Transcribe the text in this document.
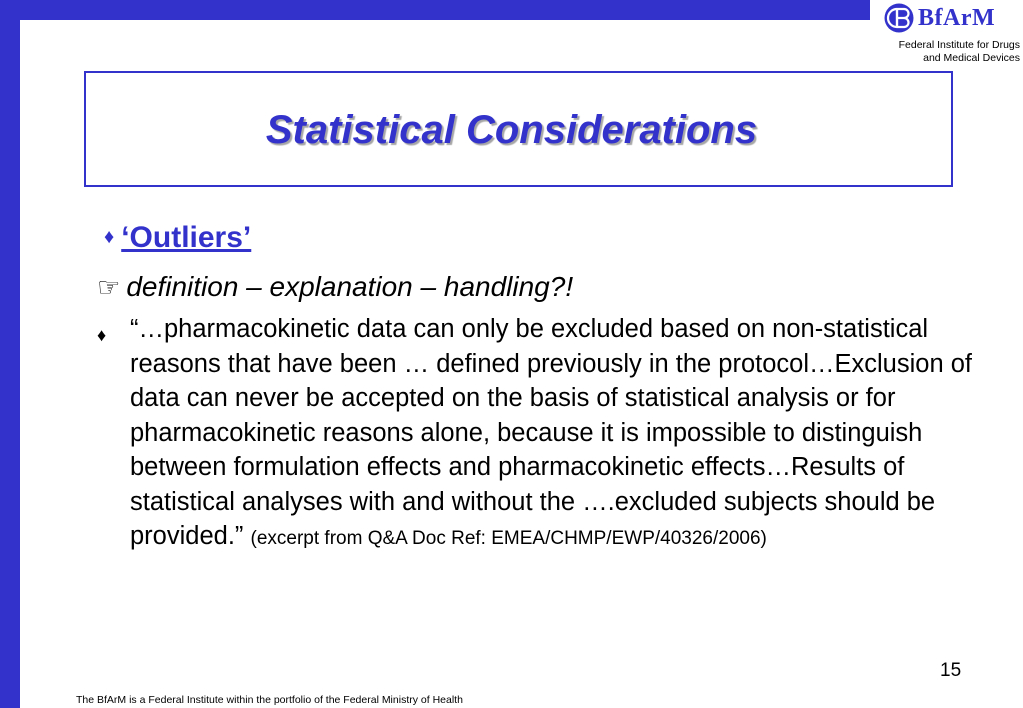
BfArM
Federal Institute for Drugs
and Medical Devices
Statistical Considerations
♦ ‘Outliers’
☞ definition – explanation – handling?!
♦ “…pharmacokinetic data can only be excluded based on non-statistical reasons that have been … defined previously in the protocol…Exclusion of data can never be accepted on the basis of statistical analysis or for pharmacokinetic reasons alone, because it is impossible to distinguish between formulation effects and pharmacokinetic effects…Results of statistical analyses with and without the ….excluded subjects should be provided.” (excerpt from Q&A Doc Ref: EMEA/CHMP/EWP/40326/2006)
15
The BfArM is a Federal Institute within the portfolio of the Federal Ministry of Health
